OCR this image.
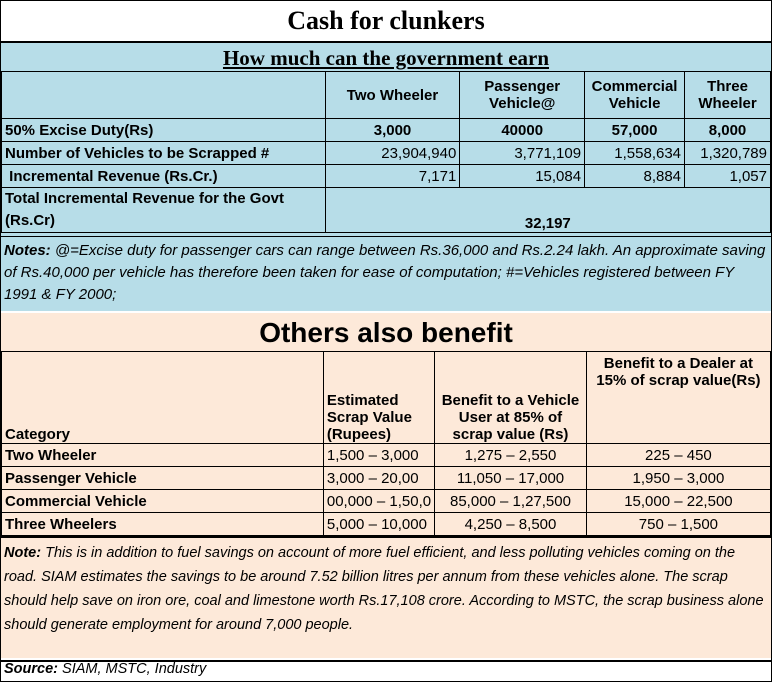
Cash for clunkers
How much can the government earn
	Two Wheeler	Passenger Vehicle@	Commercial Vehicle	Three Wheeler
50% Excise Duty(Rs)	3,000	40000	57,000	8,000
Number of Vehicles to be Scrapped #	23,904,940	3,771,109	1,558,634	1,320,789
Incremental Revenue (Rs.Cr.)	7,171	15,084	8,884	1,057
Total Incremental Revenue for the Govt (Rs.Cr)	32,197			
Notes: @=Excise duty for passenger cars can range between Rs.36,000 and Rs.2.24 lakh. An approximate saving of Rs.40,000 per vehicle has therefore been taken for ease of computation; #=Vehicles registered between FY 1991 & FY 2000;
Others also benefit
Category	Estimated Scrap Value (Rupees)	Benefit to a Vehicle User at 85% of scrap value (Rs)	Benefit to a Dealer at 15% of scrap value(Rs)
Two Wheeler	1,500 – 3,000	1,275 – 2,550	225 – 450
Passenger Vehicle	3,000 – 20,00	11,050 – 17,000	1,950 – 3,000
Commercial Vehicle	00,000 – 1,50,0	85,000 – 1,27,500	15,000 – 22,500
Three Wheelers	5,000 – 10,000	4,250 – 8,500	750 – 1,500
Note: This is in addition to fuel savings on account of more fuel efficient, and less polluting vehicles coming on the road. SIAM estimates the savings to be around 7.52 billion litres per annum from these vehicles alone. The scrap should help save on iron ore, coal and limestone worth Rs.17,108 crore. According to MSTC, the scrap business alone should generate employment for around 7,000 people.
Source: SIAM, MSTC, Industry
